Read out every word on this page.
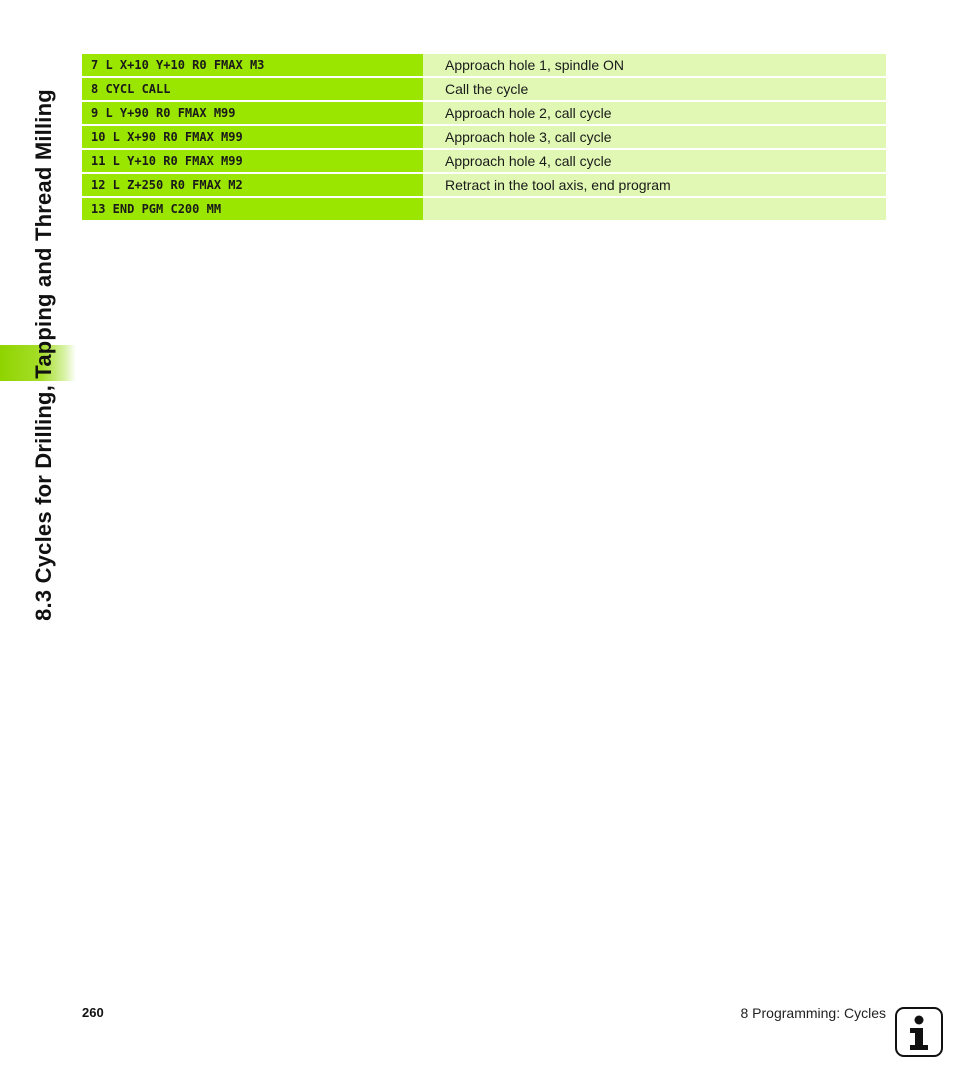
8.3 Cycles for Drilling, Tapping and Thread Milling
7 L X+10 Y+10 R0 FMAX M3	Approach hole 1, spindle ON
8 CYCL CALL	Call the cycle
9 L Y+90 R0 FMAX M99	Approach hole 2, call cycle
10 L X+90 R0 FMAX M99	Approach hole 3, call cycle
11 L Y+10 R0 FMAX M99	Approach hole 4, call cycle
12 L Z+250 R0 FMAX M2	Retract in the tool axis, end program
13 END PGM C200 MM
260	8 Programming: Cycles
